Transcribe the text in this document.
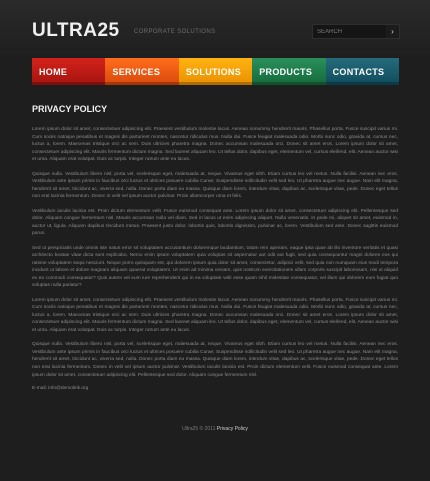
ULTRA25 CORPORATE SOLUTIONS
SEARCH	›
HOME	SERVICES	SOLUTIONS	PRODUCTS	CONTACTS
PRIVACY POLICY

Lorem ipsum dolor sit amet, consectetuer adipiscing elit. Praesent vestibulum molestie lacus. Aenean nonummy hendrerit mauris. Phasellus porta. Fusce suscipit varius mi. Cum sociis natoque penatibus et magnis dis parturient montes, nascetur ridiculus mus. Nulla dui. Fusce feugiat malesuada odio. Morbi nunc odio, gravida at, cursus nec, luctus a, lorem. Maecenas tristique orci ac sem. Duis ultricies pharetra magna. Donec accumsan malesuada orci. Donec sit amet eros. Lorem ipsum dolor sit amet, consectetuer adipiscing elit. Mauris fermentum dictum magna. Sed laoreet aliquam leo. Ut tellus dolor, dapibus eget, elementum vel, cursus eleifend, elit. Aenean auctor wisi et urna. Aliquam erat volutpat. Duis ac turpis. Integer rutrum ante eu lacus.

Quisque nulla. Vestibulum libero nisl, porta vel, scelerisque eget, malesuada at, neque. Vivamus eget nibh. Etiam cursus leo vel metus. Nulla facilisi. Aenean nec eros. Vestibulum ante ipsum primis in faucibus orci luctus et ultrices posuere cubilia Curae; Suspendisse sollicitudin velit sed leo. Ut pharetra augue nec augue. Nam elit magna, hendrerit sit amet, tincidunt ac, viverra sed, nulla. Donec porta diam eu massa. Quisque diam lorem, interdum vitae, dapibus ac, scelerisque vitae, pede. Donec eget tellus non erat lacinia fermentum. Donec in velit vel ipsum auctor pulvinar. Proin ullamcorper urna et felis.

Vestibulum iaculis lacinia est. Proin dictum elementum velit. Fusce euismod consequat ante. Lorem ipsum dolor sit amet, consectetuer adipiscing elit. Pellentesque sed dolor. Aliquam congue fermentum nisl. Mauris accumsan nulla vel diam. Sed in lacus ut enim adipiscing aliquet. Nulla venenatis. In pede mi, aliquet sit amet, euismod in, auctor ut, ligula. Aliquam dapibus tincidunt metus. Praesent justo dolor, lobortis quis, lobortis dignissim, pulvinar ac, lorem. Vestibulum sed ante. Donec sagittis euismod purus.

Sed ut perspiciatis unde omnis iste natus error sit voluptatem accusantium doloremque laudantium, totam rem aperiam, eaque ipsa quae ab illo inventore veritatis et quasi architecto beatae vitae dicta sunt explicabo. Nemo enim ipsam voluptatem quia voluptas sit aspernatur aut odit aut fugit, sed quia consequuntur magni dolores eos qui ratione voluptatem sequi nesciunt. Neque porro quisquam est, qui dolorem ipsum quia dolor sit amet, consectetur, adipisci velit, sed quia non numquam eius modi tempora incidunt ut labore et dolore magnam aliquam quaerat voluptatem. Ut enim ad minima veniam, quis nostrum exercitationem ullam corporis suscipit laboriosam, nisi ut aliquid ex ea commodi consequatur? Quis autem vel eum iure reprehenderit qui in ea voluptate velit esse quam nihil molestiae consequatur, vel illum qui dolorem eum fugiat quo voluptas nulla pariatur?

Lorem ipsum dolor sit amet, consectetuer adipiscing elit. Praesent vestibulum molestie lacus. Aenean nonummy hendrerit mauris. Phasellus porta. Fusce suscipit varius mi. Cum sociis natoque penatibus et magnis dis parturient montes, nascetur ridiculus mus. Nulla dui. Fusce feugiat malesuada odio. Morbi nunc odio, gravida at, cursus nec, luctus a, lorem. Maecenas tristique orci ac sem. Duis ultricies pharetra magna. Donec accumsan malesuada orci. Donec sit amet eros. Lorem ipsum dolor sit amet, consectetuer adipiscing elit. Mauris fermentum dictum magna. Sed laoreet aliquam leo. Ut tellus dolor, dapibus eget, elementum vel, cursus eleifend, elit. Aenean auctor wisi et urna. Aliquam erat volutpat. Duis ac turpis. Integer rutrum ante eu lacus.

Quisque nulla. Vestibulum libero nisl, porta vel, scelerisque eget, malesuada at, neque. Vivamus eget nibh. Etiam cursus leo vel metus. Nulla facilisi. Aenean nec eros. Vestibulum ante ipsum primis in faucibus orci luctus et ultrices posuere cubilia Curae; Suspendisse sollicitudin velit sed leo. Ut pharetra augue nec augue. Nam elit magna, hendrerit sit amet, tincidunt ac, viverra sed, nulla. Donec porta diam eu massa. Quisque diam lorem, interdum vitae, dapibus ac, scelerisque vitae, pede. Donec eget tellus non erat lacinia fermentum. Donec in velit vel ipsum auctor pulvinar. Vestibulum iaculis lacinia est. Proin dictum elementum velit. Fusce euismod consequat ante. Lorem ipsum dolor sit amet, consectetuer adipiscing elit. Pellentesque sed dolor. Aliquam congue fermentum nisl.

E-mail: info@demolink.org
Ultra25 © 2011 Privacy Policy
